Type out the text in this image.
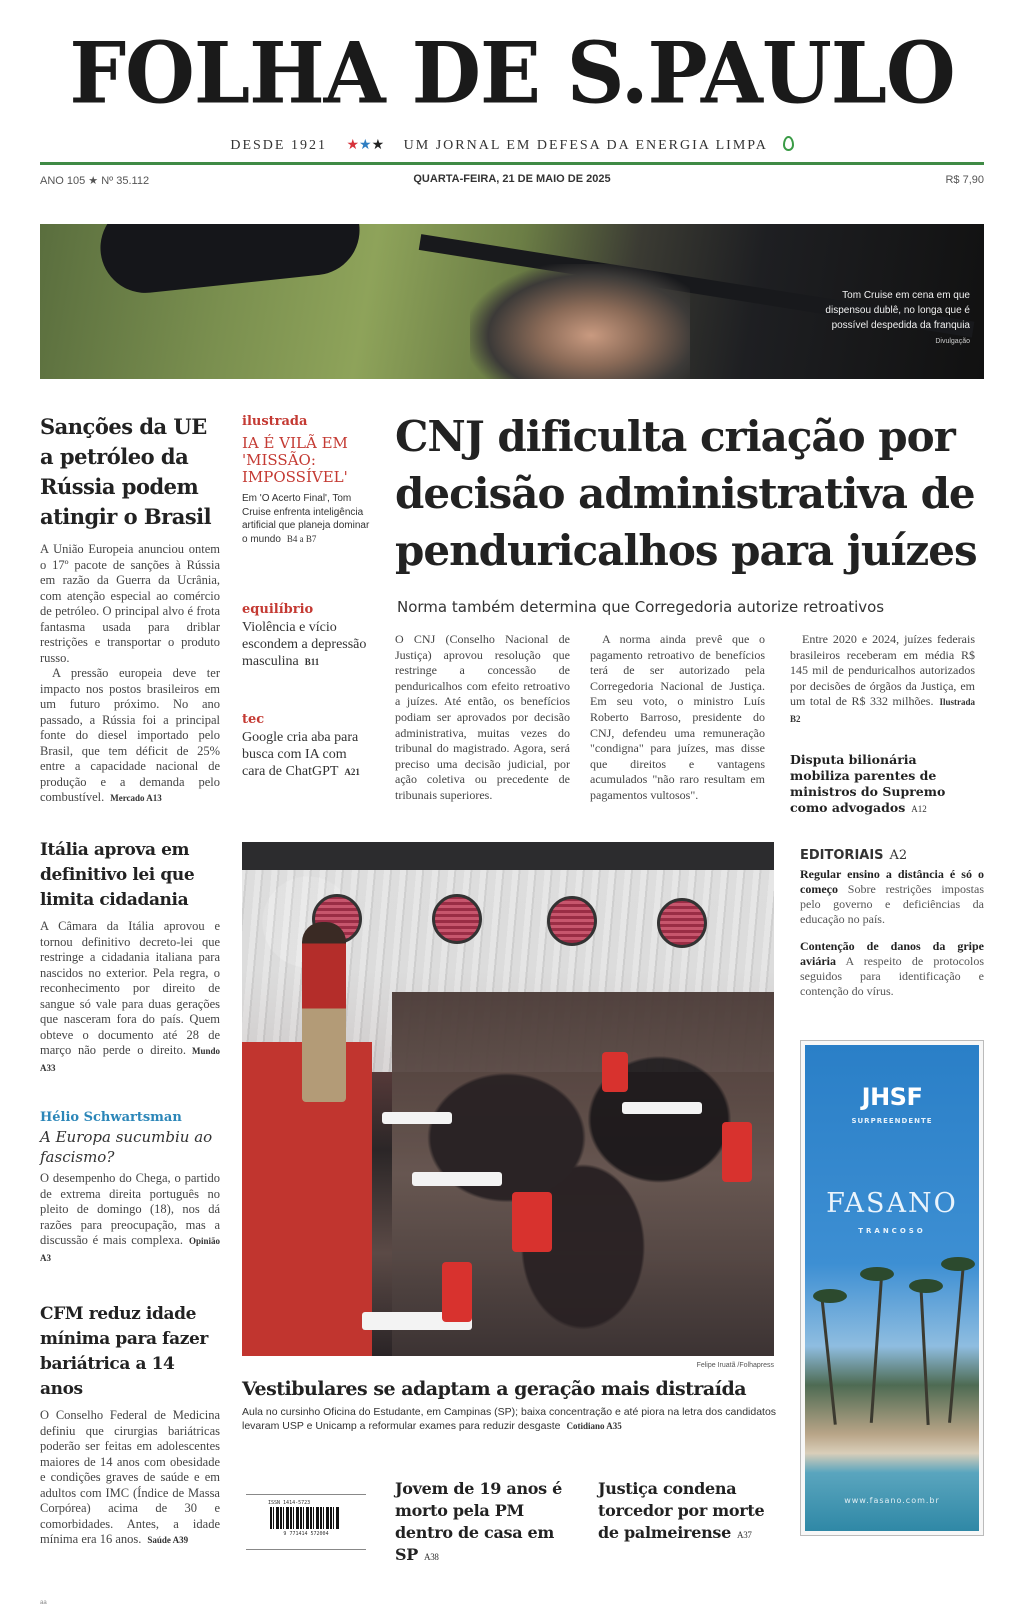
FOLHA DE S.PAULO
DESDE 1921 ★★★ UM JORNAL EM DEFESA DA ENERGIA LIMPA
ANO 105 ★ Nº 35.112	QUARTA-FEIRA, 21 DE MAIO DE 2025	R$ 7,90
Tom Cruise em cena em que dispensou dublê, no longa que é possível despedida da franquia Divulgação
Sanções da UE a petróleo da Rússia podem atingir o Brasil

A União Europeia anunciou ontem o 17º pacote de sanções à Rússia em razão da Guerra da Ucrânia, com atenção especial ao comércio de petróleo. O principal alvo é frota fantasma usada para driblar restrições e transportar o produto russo.

A pressão europeia deve ter impacto nos postos brasileiros em um futuro próximo. No ano passado, a Rússia foi a principal fonte do diesel importado pelo Brasil, que tem déficit de 25% entre a capacidade nacional de produção e a demanda pelo combustível. Mercado A13

ilustrada
IA É VILÃ EM 'MISSÃO: IMPOSSÍVEL'
Em 'O Acerto Final', Tom Cruise enfrenta inteligência artificial que planeja dominar o mundo B4 a B7
equilíbrio
Violência e vício escondem a depressão masculina B11
tec
Google cria aba para busca com IA com cara de ChatGPT A21
CNJ dificulta criação por decisão administrativa de penduricalhos para juízes
Norma também determina que Corregedoria autorize retroativos
O CNJ (Conselho Nacional de Justiça) aprovou resolução que restringe a concessão de penduricalhos com efeito retroativo a juízes. Até então, os benefícios podiam ser aprovados por decisão administrativa, muitas vezes do tribunal do magistrado. Agora, será preciso uma decisão judicial, por ação coletiva ou precedente de tribunais superiores.
A norma ainda prevê que o pagamento retroativo de benefícios terá de ser autorizado pela Corregedoria Nacional de Justiça. Em seu voto, o ministro Luís Roberto Barroso, presidente do CNJ, defendeu uma remuneração "condigna" para juízes, mas disse que direitos e vantagens acumulados "não raro resultam em pagamentos vultosos".
Entre 2020 e 2024, juízes federais brasileiros receberam em média R$ 145 mil de penduricalhos autorizados por decisões de órgãos da Justiça, em um total de R$ 332 milhões. Ilustrada B2
Disputa bilionária mobiliza parentes de ministros do Supremo como advogados A12
Itália aprova em definitivo lei que limita cidadania
A Câmara da Itália aprovou e tornou definitivo decreto-lei que restringe a cidadania italiana para nascidos no exterior. Pela regra, o reconhecimento por direito de sangue só vale para duas gerações que nasceram fora do país. Quem obteve o documento até 28 de março não perde o direito. Mundo A33
Hélio Schwartsman
A Europa sucumbiu ao fascismo?
O desempenho do Chega, o partido de extrema direita português no pleito de domingo (18), nos dá razões para preocupação, mas a discussão é mais complexa. Opinião A3
CFM reduz idade mínima para fazer bariátrica a 14 anos
O Conselho Federal de Medicina definiu que cirurgias bariátricas poderão ser feitas em adolescentes maiores de 14 anos com obesidade e condições graves de saúde e em adultos com IMC (Índice de Massa Corpórea) acima de 30 e comorbidades. Antes, a idade mínima era 16 anos. Saúde A39
Felipe Iruatã /Folhapress
Vestibulares se adaptam a geração mais distraída
Aula no cursinho Oficina do Estudante, em Campinas (SP); baixa concentração e até piora na letra dos candidatos levaram USP e Unicamp a reformular exames para reduzir desgaste Cotidiano A35
EDITORIAIS A2
Regular ensino a distância é só o começo Sobre restrições impostas pelo governo e deficiências da educação no país.
Contenção de danos da gripe aviária A respeito de protocolos seguidos para identificação e contenção do vírus.
JHSF
SURPREENDENTE
FASANO
TRANCOSO
www.fasano.com.br
ISSN 1414-5723
9 771414 572004
Jovem de 19 anos é morto pela PM dentro de casa em SP A38
Justiça condena torcedor por morte de palmeirense A37
aa
